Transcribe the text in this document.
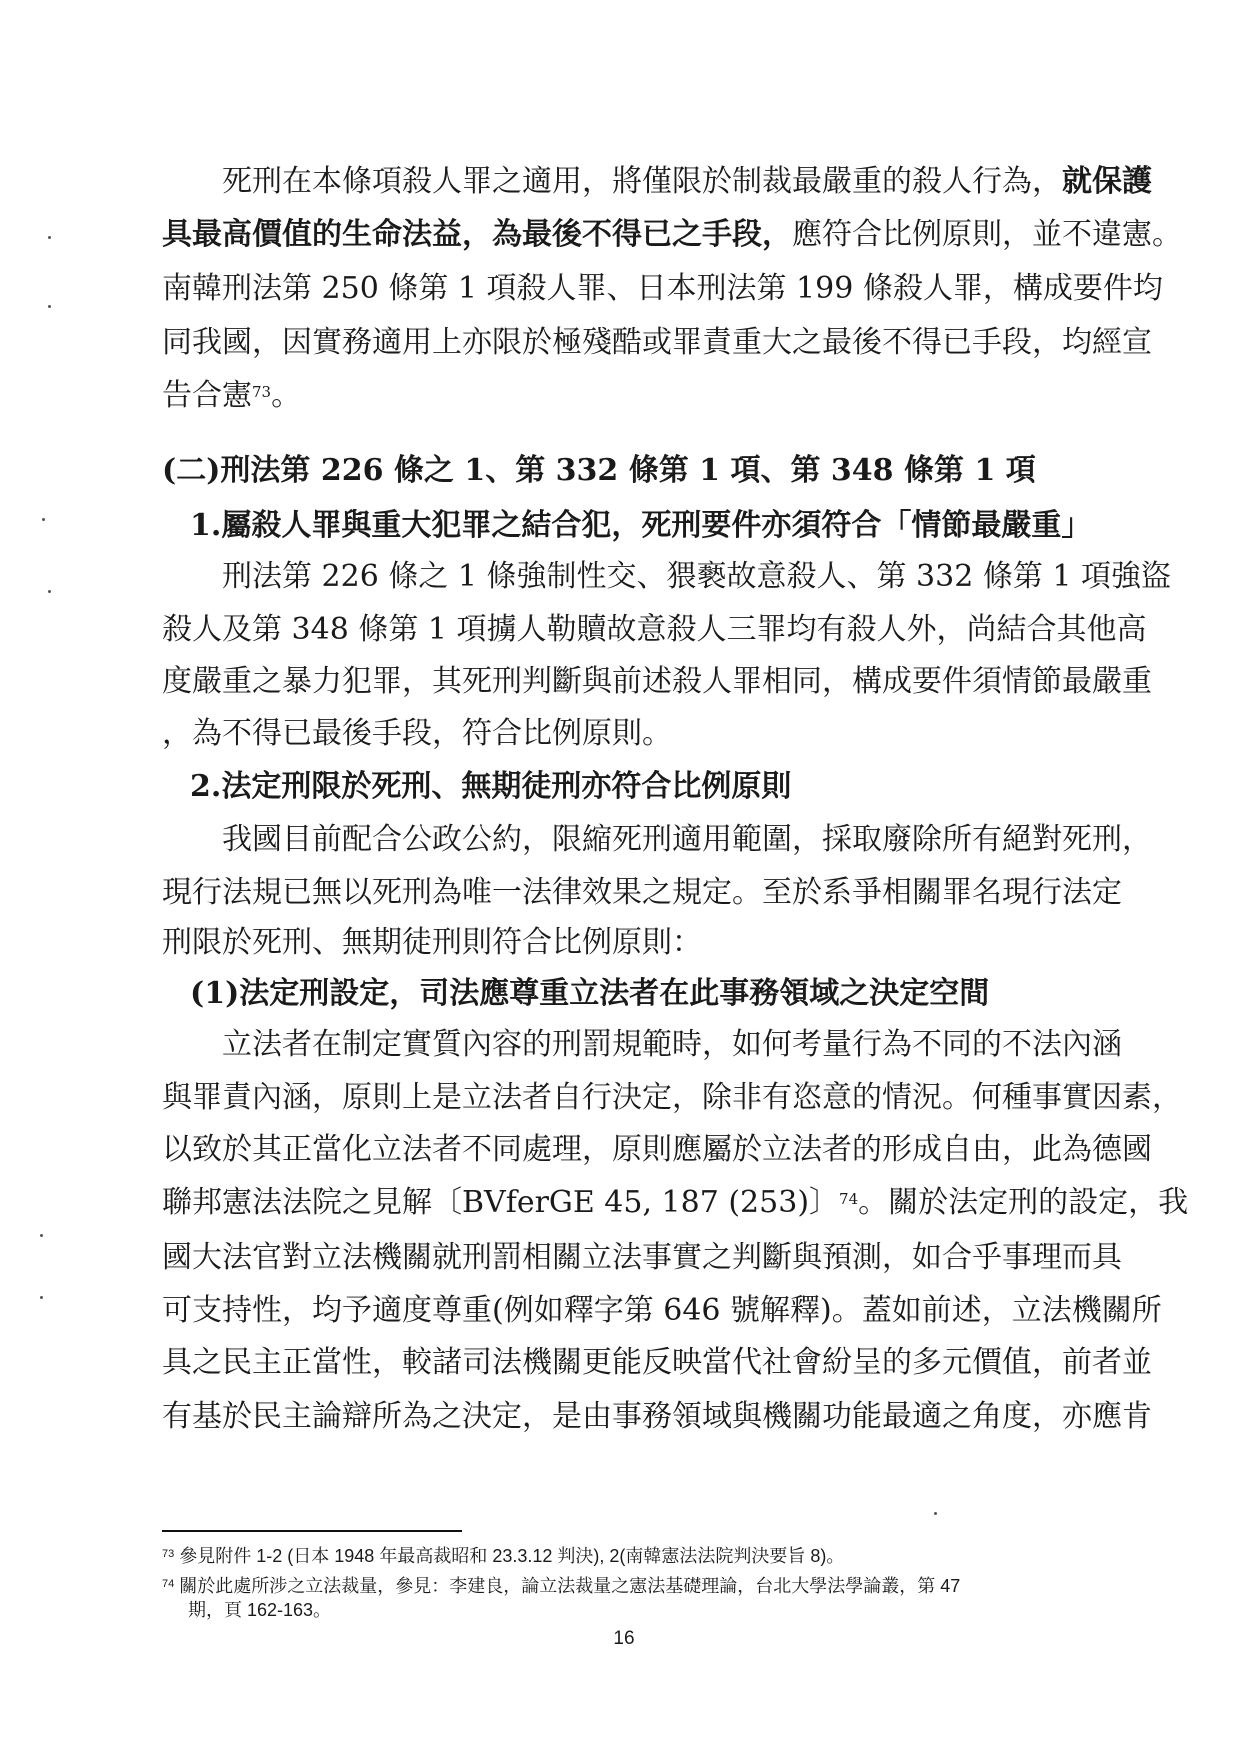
死刑在本條項殺人罪之適用，將僅限於制裁最嚴重的殺人行為，就保護
具最高價值的生命法益，為最後不得已之手段，應符合比例原則，並不違憲。
南韓刑法第 250 條第 1 項殺人罪、日本刑法第 199 條殺人罪，構成要件均
同我國，因實務適用上亦限於極殘酷或罪責重大之最後不得已手段，均經宣
告合憲$^{73}$。
(二)刑法第 226 條之 1、第 332 條第 1 項、第 348 條第 1 項
1.屬殺人罪與重大犯罪之結合犯，死刑要件亦須符合「情節最嚴重」
刑法第 226 條之 1 條強制性交、猥褻故意殺人、第 332 條第 1 項強盜
殺人及第 348 條第 1 項擄人勒贖故意殺人三罪均有殺人外，尚結合其他高
度嚴重之暴力犯罪，其死刑判斷與前述殺人罪相同，構成要件須情節最嚴重
，為不得已最後手段，符合比例原則。
2.法定刑限於死刑、無期徒刑亦符合比例原則
我國目前配合公政公約，限縮死刑適用範圍，採取廢除所有絕對死刑，
現行法規已無以死刑為唯一法律效果之規定。至於系爭相關罪名現行法定
刑限於死刑、無期徒刑則符合比例原則：
(1)法定刑設定，司法應尊重立法者在此事務領域之決定空間
立法者在制定實質內容的刑罰規範時，如何考量行為不同的不法內涵
與罪責內涵，原則上是立法者自行決定，除非有恣意的情況。何種事實因素，
以致於其正當化立法者不同處理，原則應屬於立法者的形成自由，此為德國
聯邦憲法法院之見解〔BVferGE 45, 187 (253)〕$^{74}$。關於法定刑的設定，我
國大法官對立法機關就刑罰相關立法事實之判斷與預測，如合乎事理而具
可支持性，均予適度尊重(例如釋字第 646 號解釋)。蓋如前述，立法機關所
具之民主正當性，較諸司法機關更能反映當代社會紛呈的多元價值，前者並
有基於民主論辯所為之決定，是由事務領域與機關功能最適之角度，亦應肯
$^{73}$ 參見附件 1-2 (日本 1948 年最高裁昭和 23.3.12 判決), 2(南韓憲法法院判決要旨 8)。
$^{74}$ 關於此處所涉之立法裁量，參見：李建良，論立法裁量之憲法基礎理論，台北大學法學論叢，第 47
期，頁 162-163。
16
